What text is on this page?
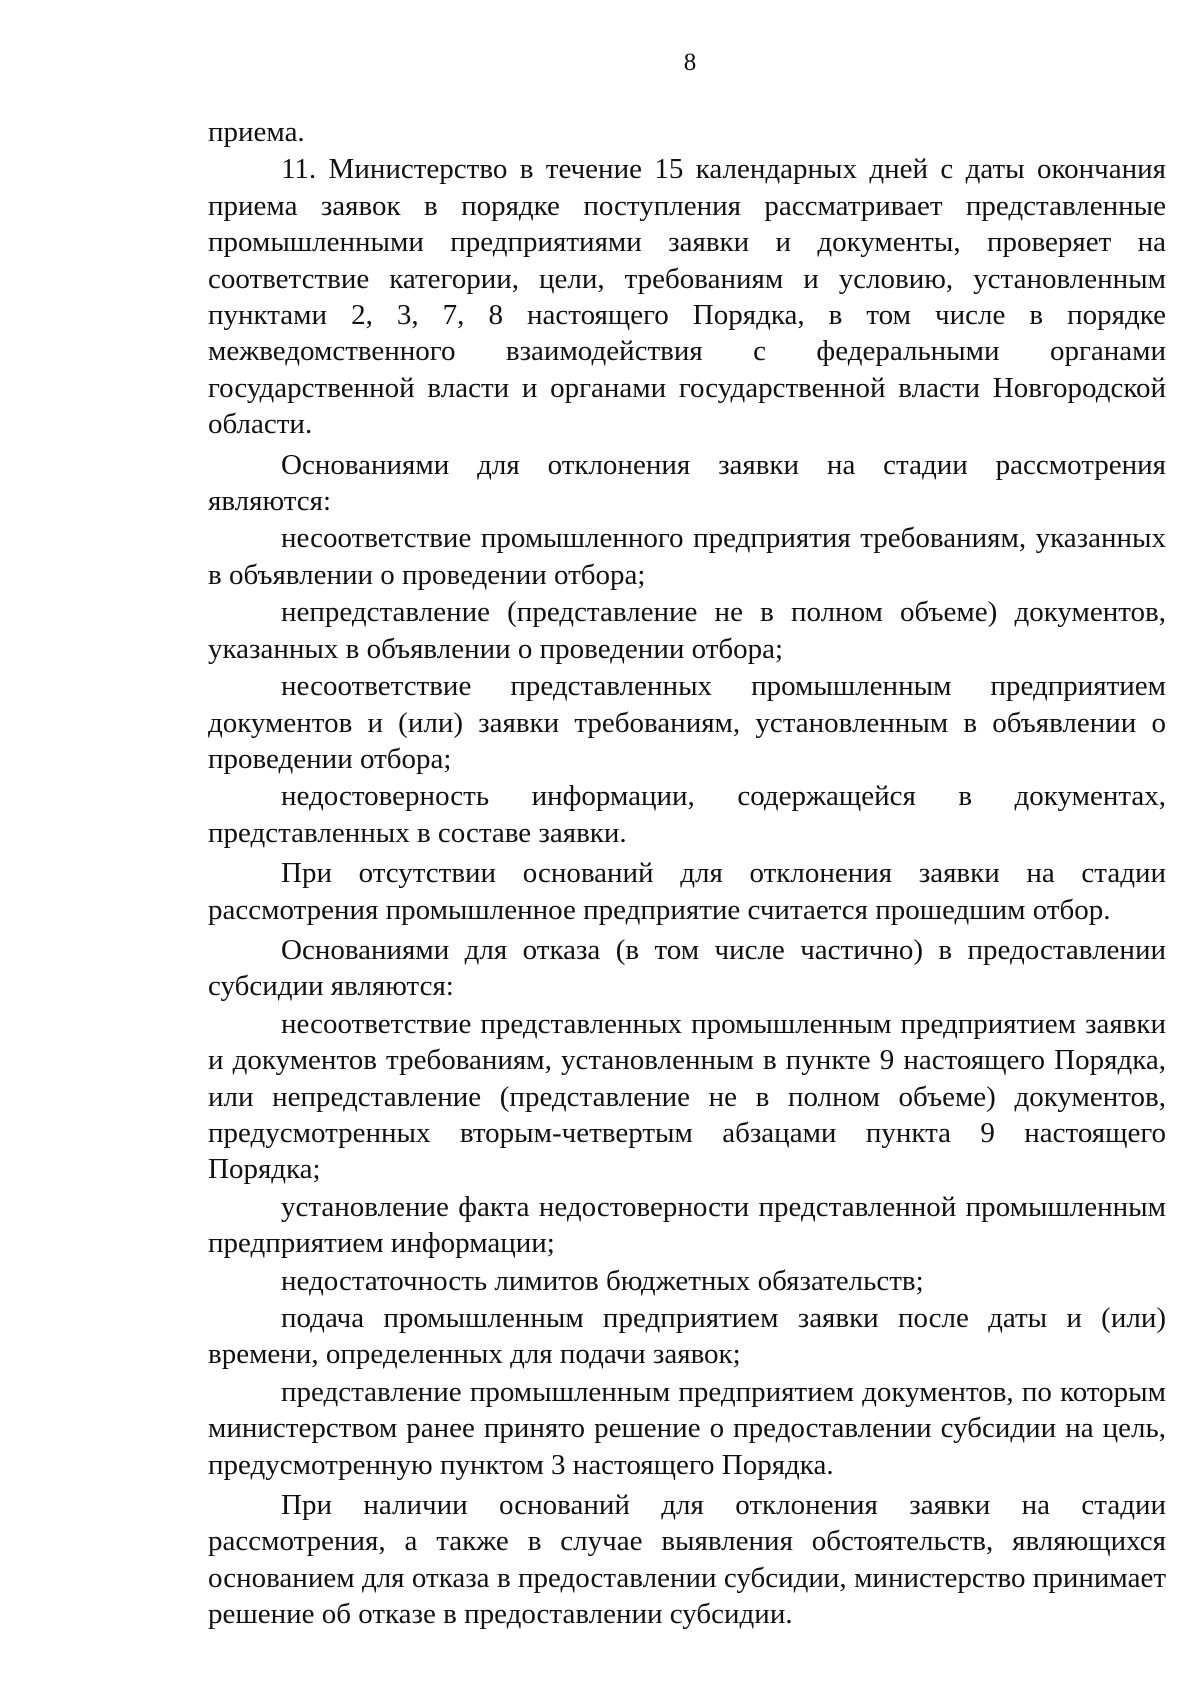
8

приема.

11. Министерство в течение 15 календарных дней с даты окончания приема заявок в порядке поступления рассматривает представленные промышленными предприятиями заявки и документы, проверяет на соответствие категории, цели, требованиям и условию, установленным пунктами 2, 3, 7, 8 настоящего Порядка, в том числе в порядке межведомственного взаимодействия с федеральными органами государственной власти и органами государственной власти Новгородской области.

Основаниями для отклонения заявки на стадии рассмотрения являются:

несоответствие промышленного предприятия требованиям, указанных в объявлении о проведении отбора;

непредставление (представление не в полном объеме) документов, указанных в объявлении о проведении отбора;

несоответствие представленных промышленным предприятием документов и (или) заявки требованиям, установленным в объявлении о проведении отбора;

недостоверность информации, содержащейся в документах, представленных в составе заявки.

При отсутствии оснований для отклонения заявки на стадии рассмотрения промышленное предприятие считается прошедшим отбор.

Основаниями для отказа (в том числе частично) в предоставлении субсидии являются:

несоответствие представленных промышленным предприятием заявки и документов требованиям, установленным в пункте 9 настоящего Порядка, или непредставление (представление не в полном объеме) документов, предусмотренных вторым-четвертым абзацами пункта 9 настоящего Порядка;

установление факта недостоверности представленной промышленным предприятием информации;

недостаточность лимитов бюджетных обязательств;

подача промышленным предприятием заявки после даты и (или) времени, определенных для подачи заявок;

представление промышленным предприятием документов, по которым министерством ранее принято решение о предоставлении субсидии на цель, предусмотренную пунктом 3 настоящего Порядка.

При наличии оснований для отклонения заявки на стадии рассмотрения, а также в случае выявления обстоятельств, являющихся основанием для отказа в предоставлении субсидии, министерство принимает решение об отказе в предоставлении субсидии.
